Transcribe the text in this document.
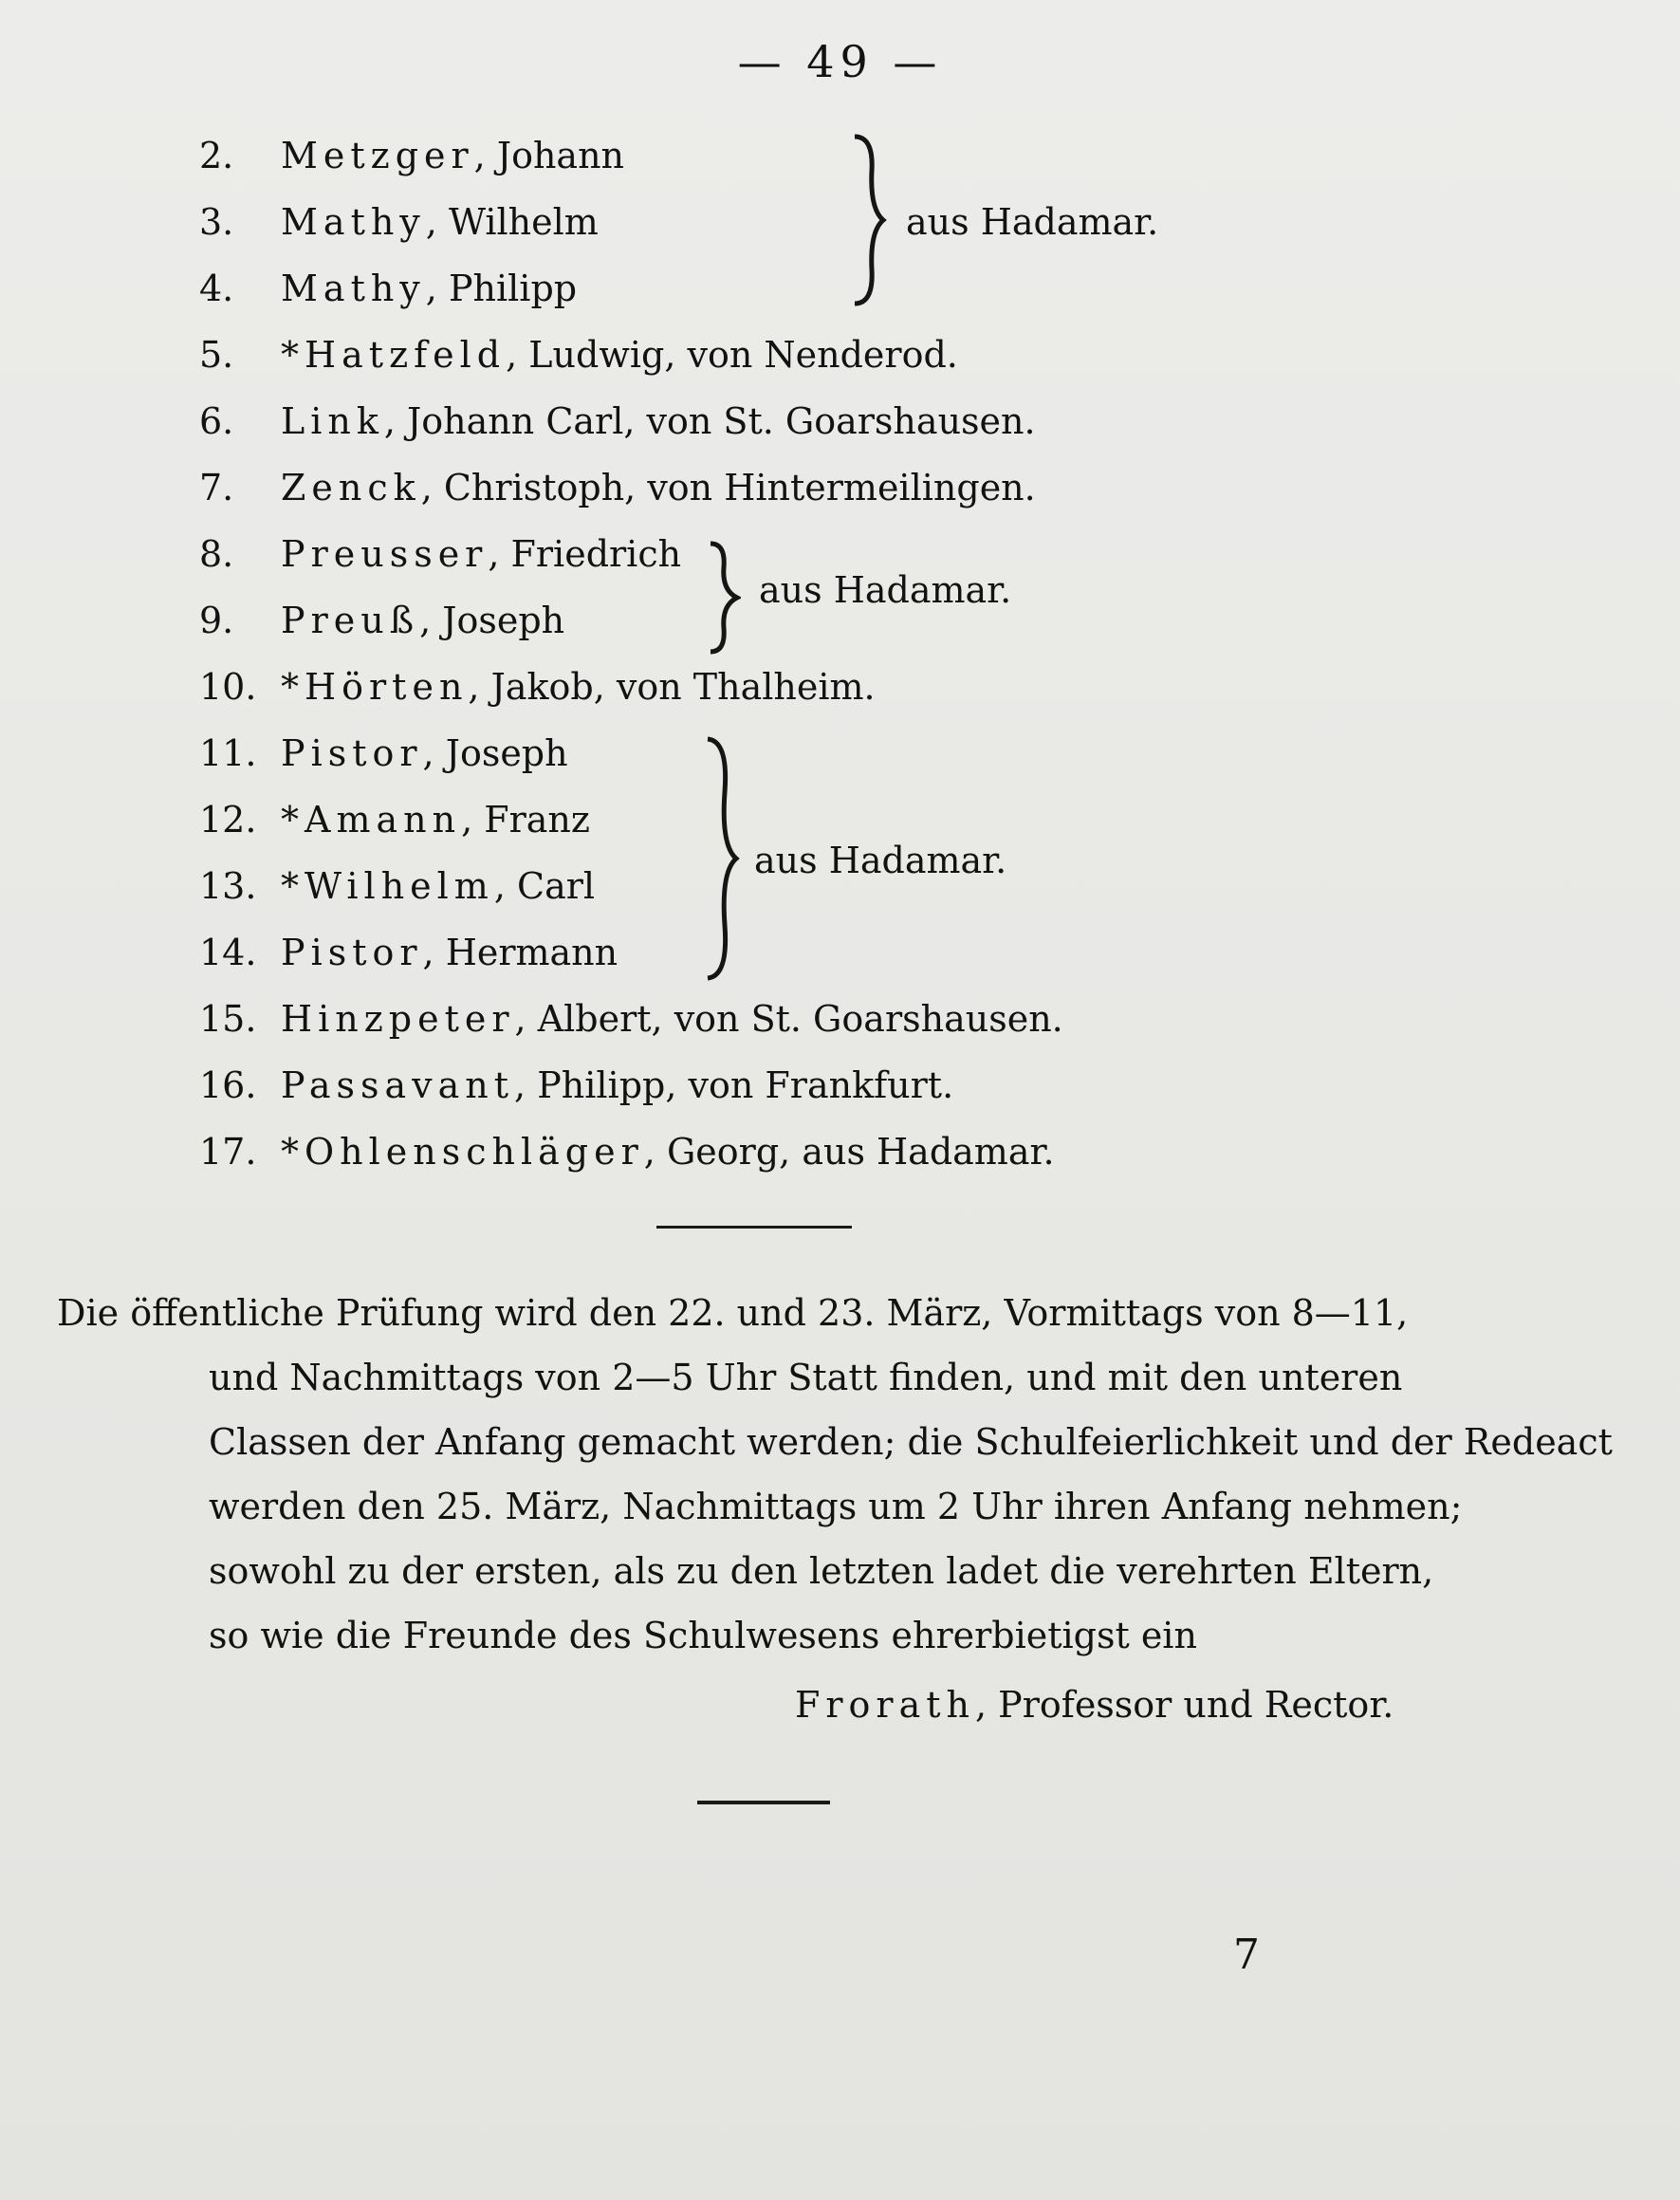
— 49 —
2. Metzger, Johann
3. Mathy, Wilhelm
4. Mathy, Philipp
5. *Hatzfeld, Ludwig, von Nenderod.
6. Link, Johann Carl, von St. Goarshausen.
7. Zenck, Christoph, von Hintermeilingen.
8. Preusser, Friedrich
9. Preuß, Joseph
10. *Hörten, Jakob, von Thalheim.
11. Pistor, Joseph
12. *Amann, Franz
13. *Wilhelm, Carl
14. Pistor, Hermann
15. Hinzpeter, Albert, von St. Goarshausen.
16. Passavant, Philipp, von Frankfurt.
17. *Ohlenschläger, Georg, aus Hadamar.
aus Hadamar.
aus Hadamar.
aus Hadamar.
Die öffentliche Prüfung wird den 22. und 23. März, Vormittags von 8—11,
und Nachmittags von 2—5 Uhr Statt finden, und mit den unteren
Classen der Anfang gemacht werden; die Schulfeierlichkeit und der Redeact
werden den 25. März, Nachmittags um 2 Uhr ihren Anfang nehmen;
sowohl zu der ersten, als zu den letzten ladet die verehrten Eltern,
so wie die Freunde des Schulwesens ehrerbietigst ein
Frorath, Professor und Rector.
7
